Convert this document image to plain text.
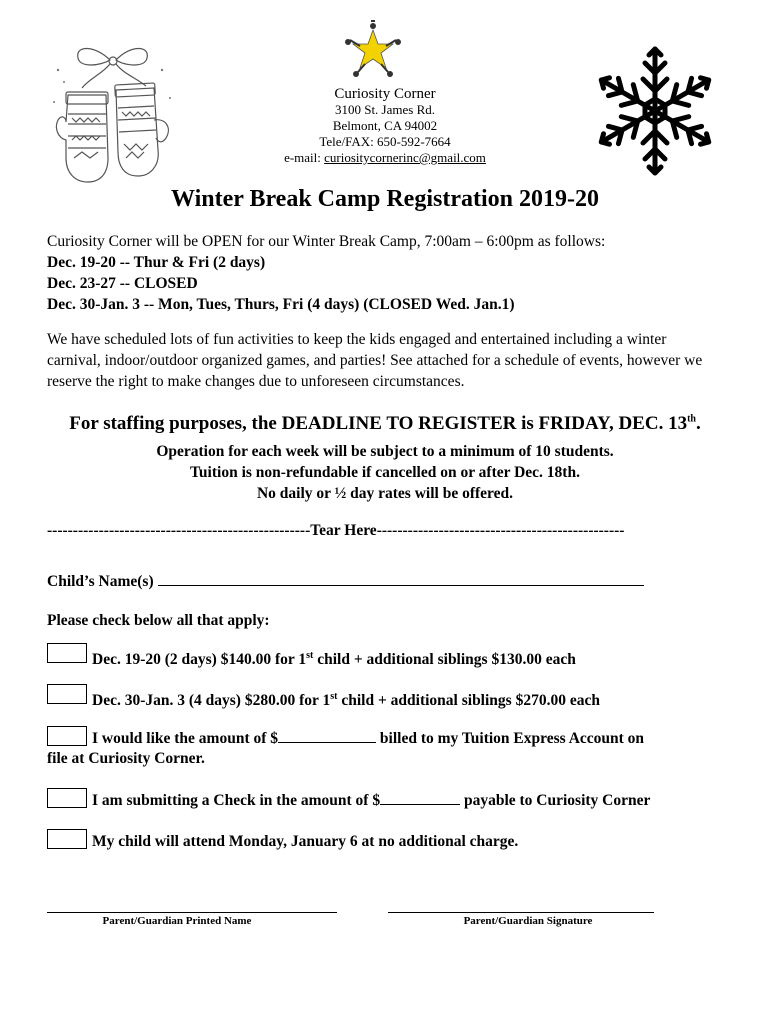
Curiosity Corner
3100 St. James Rd.
Belmont, CA 94002
Tele/FAX: 650-592-7664
e-mail: curiositycornerinc@gmail.com
Winter Break Camp Registration 2019-20
Curiosity Corner will be OPEN for our Winter Break Camp, 7:00am – 6:00pm as follows:
Dec. 19-20 -- Thur & Fri (2 days)
Dec. 23-27 -- CLOSED
Dec. 30-Jan. 3 -- Mon, Tues, Thurs, Fri (4 days) (CLOSED Wed. Jan.1)
We have scheduled lots of fun activities to keep the kids engaged and entertained including a winter carnival, indoor/outdoor organized games, and parties! See attached for a schedule of events, however we reserve the right to make changes due to unforeseen circumstances.
For staffing purposes, the DEADLINE TO REGISTER is FRIDAY, DEC. 13th.
Operation for each week will be subject to a minimum of 10 students.
Tuition is non-refundable if cancelled on or after Dec. 18th.
No daily or ½ day rates will be offered.
---------------------------------------------------Tear Here------------------------------------------------
Child’s Name(s)
Please check below all that apply:
Dec. 19-20 (2 days) $140.00 for 1st child + additional siblings $130.00 each
Dec. 30-Jan. 3 (4 days) $280.00 for 1st child + additional siblings $270.00 each
I would like the amount of $	billed to my Tuition Express Account on
file at Curiosity Corner.
I am submitting a Check in the amount of $	payable to Curiosity Corner
My child will attend Monday, January 6 at no additional charge.
Parent/Guardian Printed Name	Parent/Guardian Signature
